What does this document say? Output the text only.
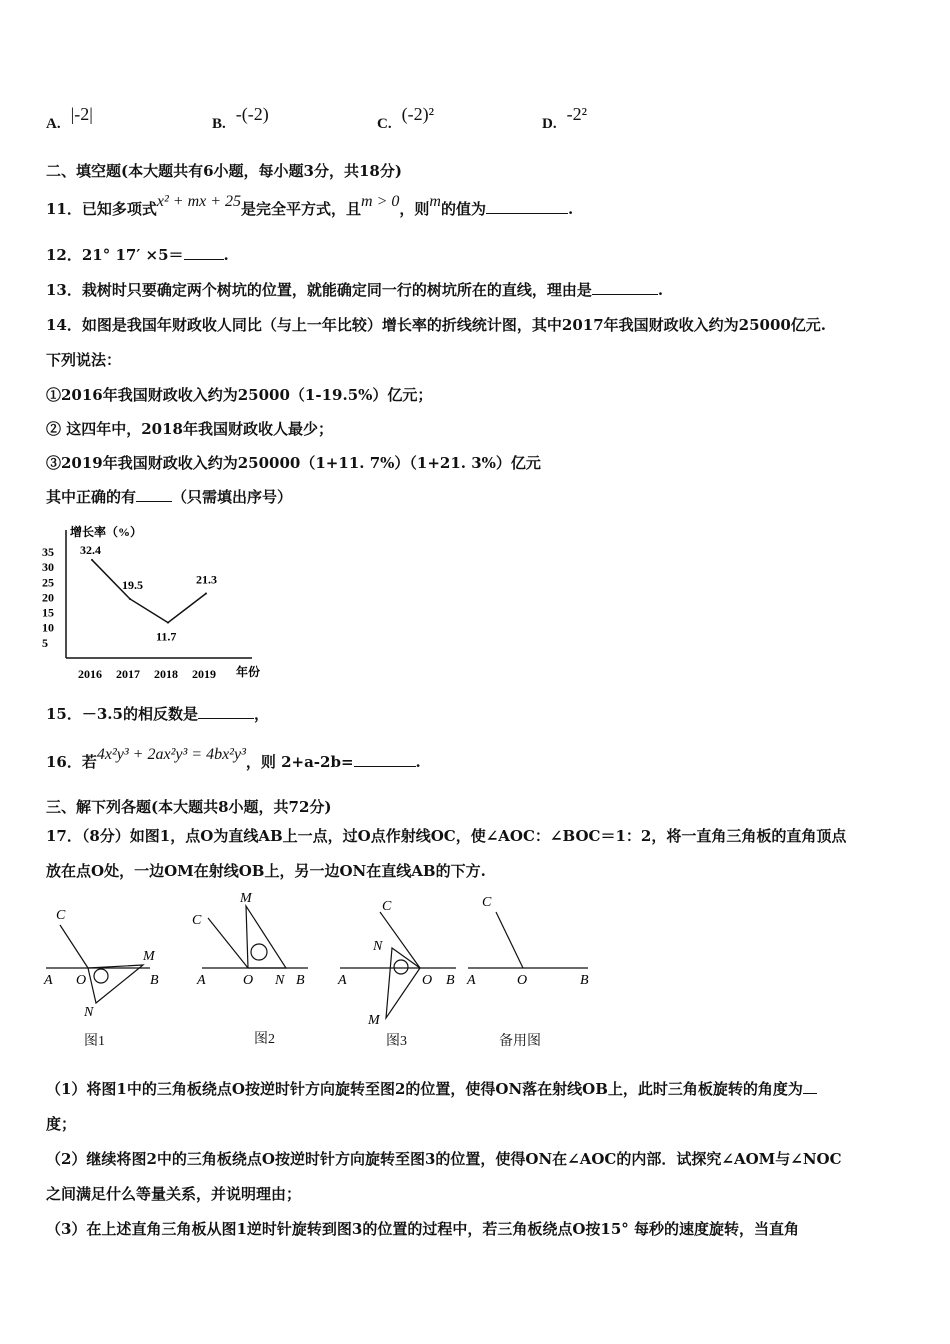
A. |-2|	B. -(-2)	C. (-2)²	D. -2²
二、填空题(本大题共有6小题，每小题3分，共18分)
11．已知多项式x² + mx + 25是完全平方式，且m > 0，则m的值为	.
12．21° 17′ ×5＝	.
13．栽树时只要确定两个树坑的位置，就能确定同一行的树坑所在的直线，理由是	.
14．如图是我国年财政收人同比（与上一年比较）增长率的折线统计图，其中2017年我国财政收入约为25000亿元.
下列说法：
①2016年我国财政收入约为25000（1-19.5%）亿元；
② 这四年中，2018年我国财政收人最少；
③2019年我国财政收入约为250000（1+11. 7%）（1+21. 3%）亿元
其中正确的有 （只需填出序号）
增长率（%）
年份
35
30
25
20
15
10
5
2016 2017 2018 2019
32.4
19.5
11.7
21.3
15．－3.5的相反数是	，
16．若4x²y³ + 2ax²y³ = 4bx²y³，则 2+a-2b=	.
三、解下列各题(本大题共8小题，共72分)
17．（8分）如图1，点O为直线AB上一点，过O点作射线OC，使∠AOC：∠BOC＝1：2，将一直角三角板的直角顶点
放在点O处，一边OM在射线OB上，另一边ON在直线AB的下方.
C
M
A O	B
N
C
M
A	O N B
C
N
A	O B
M
C
A	O	B
图1	图2	图3	备用图
（1）将图1中的三角板绕点O按逆时针方向旋转至图2的位置，使得ON落在射线OB上，此时三角板旋转的角度为
度；
（2）继续将图2中的三角板绕点O按逆时针方向旋转至图3的位置，使得ON在∠AOC的内部．试探究∠AOM与∠NOC
之间满足什么等量关系，并说明理由；
（3）在上述直角三角板从图1逆时针旋转到图3的位置的过程中，若三角板绕点O按15° 每秒的速度旋转，当直角
